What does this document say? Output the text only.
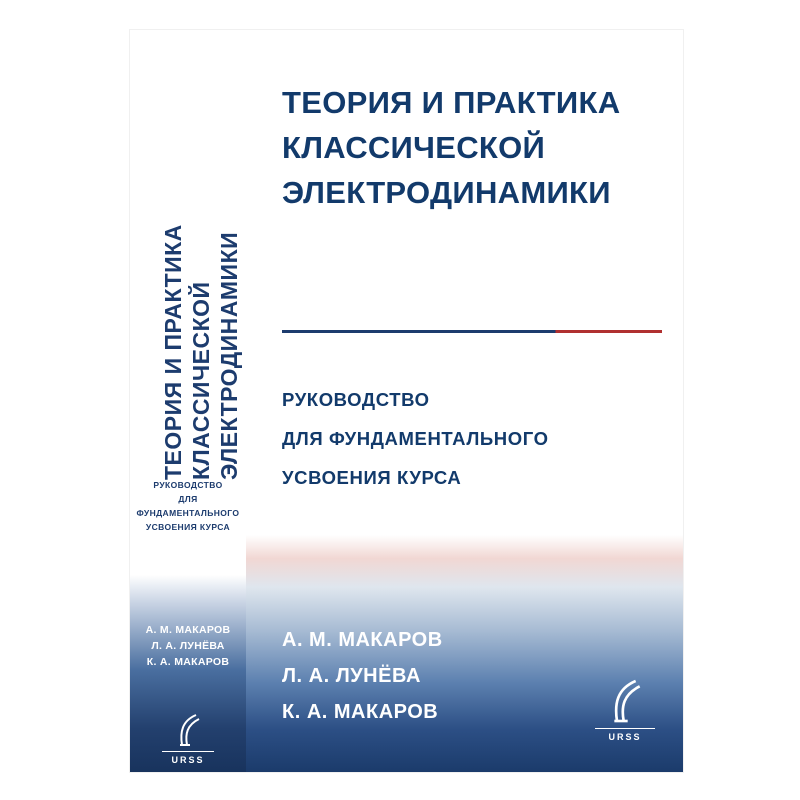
ТЕОРИЯ И ПРАКТИКА КЛАССИЧЕСКОЙ ЭЛЕКТРОДИНАМИКИ
РУКОВОДСТВО
ДЛЯ
ФУНДАМЕНТАЛЬНОГО
УСВОЕНИЯ КУРСА
А. М. МАКАРОВ
Л. А. ЛУНЁВА
К. А. МАКАРОВ
URSS
ТЕОРИЯ И ПРАКТИКА
КЛАССИЧЕСКОЙ
ЭЛЕКТРОДИНАМИКИ
РУКОВОДСТВО
ДЛЯ ФУНДАМЕНТАЛЬНОГО
УСВОЕНИЯ КУРСА
А. М. МАКАРОВ
Л. А. ЛУНЁВА
К. А. МАКАРОВ
URSS
